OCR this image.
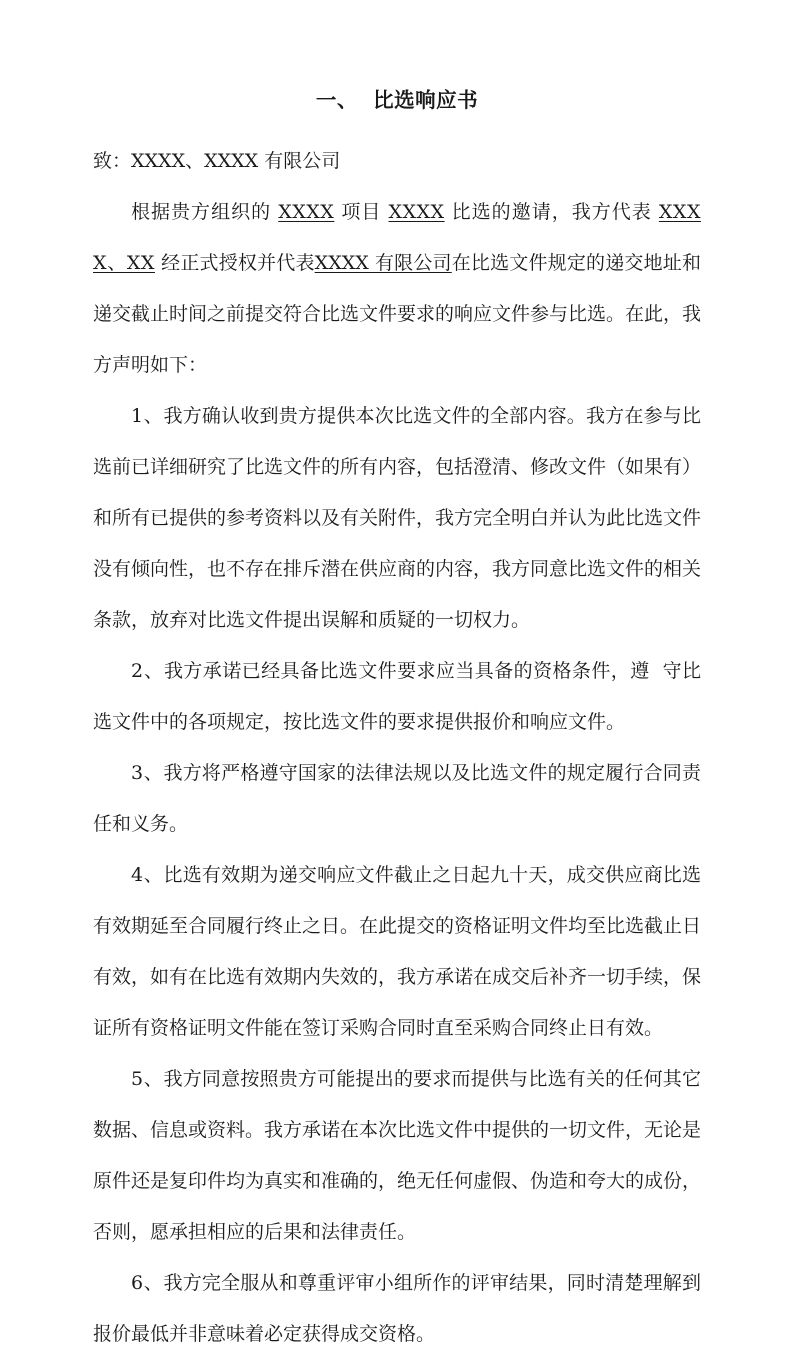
一、  比选响应书

致：XXXX、XXXX 有限公司

根据贵方组织的 XXXX 项目 XXXX 比选的邀请，我方代表 XXXX、XX 经正式授权并代表XXXX 有限公司在比选文件规定的递交地址和递交截止时间之前提交符合比选文件要求的响应文件参与比选。在此，我方声明如下：

1、我方确认收到贵方提供本次比选文件的全部内容。我方在参与比选前已详细研究了比选文件的所有内容，包括澄清、修改文件（如果有）和所有已提供的参考资料以及有关附件，我方完全明白并认为此比选文件没有倾向性，也不存在排斥潜在供应商的内容，我方同意比选文件的相关条款，放弃对比选文件提出误解和质疑的一切权力。

2、我方承诺已经具备比选文件要求应当具备的资格条件，遵  守比选文件中的各项规定，按比选文件的要求提供报价和响应文件。

3、我方将严格遵守国家的法律法规以及比选文件的规定履行合同责任和义务。

4、比选有效期为递交响应文件截止之日起九十天，成交供应商比选有效期延至合同履行终止之日。在此提交的资格证明文件均至比选截止日有效，如有在比选有效期内失效的，我方承诺在成交后补齐一切手续，保证所有资格证明文件能在签订采购合同时直至采购合同终止日有效。

5、我方同意按照贵方可能提出的要求而提供与比选有关的任何其它数据、信息或资料。我方承诺在本次比选文件中提供的一切文件，无论是原件还是复印件均为真实和准确的，绝无任何虚假、伪造和夸大的成份，否则，愿承担相应的后果和法律责任。

6、我方完全服从和尊重评审小组所作的评审结果，同时清楚理解到报价最低并非意味着必定获得成交资格。
